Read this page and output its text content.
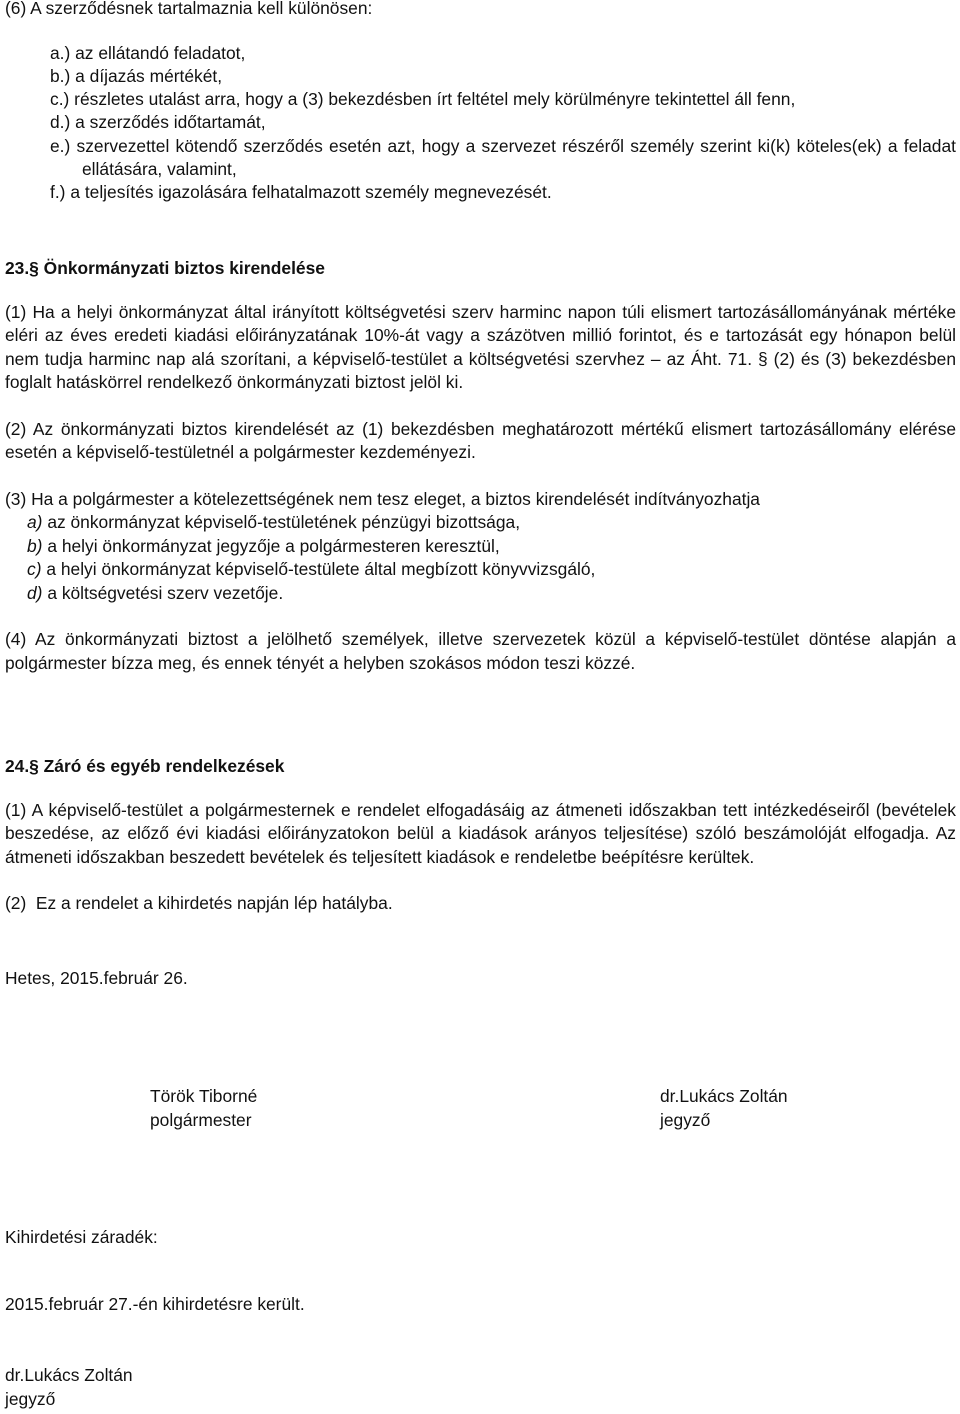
(6) A szerződésnek tartalmaznia kell különösen:

a.) az ellátandó feladatot,

b.) a díjazás mértékét,

c.) részletes utalást arra, hogy a (3) bekezdésben írt feltétel mely körülményre tekintettel áll fenn,

d.) a szerződés időtartamát,

e.) szervezettel kötendő szerződés esetén azt, hogy a szervezet részéről személy szerint ki(k) köteles(ek) a feladat ellátására, valamint,

f.) a teljesítés igazolására felhatalmazott személy megnevezését.

23.§ Önkormányzati biztos kirendelése

(1) Ha a helyi önkormányzat által irányított költségvetési szerv harminc napon túli elismert tartozásállományának mértéke eléri az éves eredeti kiadási előirányzatának 10%-át vagy a százötven millió forintot, és e tartozását egy hónapon belül nem tudja harminc nap alá szorítani, a képviselő-testület a költségvetési szervhez – az Áht. 71. § (2) és (3) bekezdésben foglalt hatáskörrel rendelkező önkormányzati biztost jelöl ki.

(2) Az önkormányzati biztos kirendelését az (1) bekezdésben meghatározott mértékű elismert tartozásállomány elérése esetén a képviselő-testületnél a polgármester kezdeményezi.

(3) Ha a polgármester a kötelezettségének nem tesz eleget, a biztos kirendelését indítványozhatja

a) az önkormányzat képviselő-testületének pénzügyi bizottsága,

b) a helyi önkormányzat jegyzője a polgármesteren keresztül,

c) a helyi önkormányzat képviselő-testülete által megbízott könyvvizsgáló,

d) a költségvetési szerv vezetője.

(4) Az önkormányzati biztost a jelölhető személyek, illetve szervezetek közül a képviselő-testület döntése alapján a polgármester bízza meg, és ennek tényét a helyben szokásos módon teszi közzé.

24.§ Záró és egyéb rendelkezések

(1) A képviselő-testület a polgármesternek e rendelet elfogadásáig az átmeneti időszakban tett intézkedéseiről (bevételek beszedése, az előző évi kiadási előirányzatokon belül a kiadások arányos teljesítése) szóló beszámolóját elfogadja. Az átmeneti időszakban beszedett bevételek és teljesített kiadások e rendeletbe beépítésre kerültek.

(2)  Ez a rendelet a kihirdetés napján lép hatályba.

Hetes, 2015.február 26.

Török Tiborné
polgármester
dr.Lukács Zoltán
jegyző

Kihirdetési záradék:

2015.február 27.-én kihirdetésre került.

dr.Lukács Zoltán

jegyző
